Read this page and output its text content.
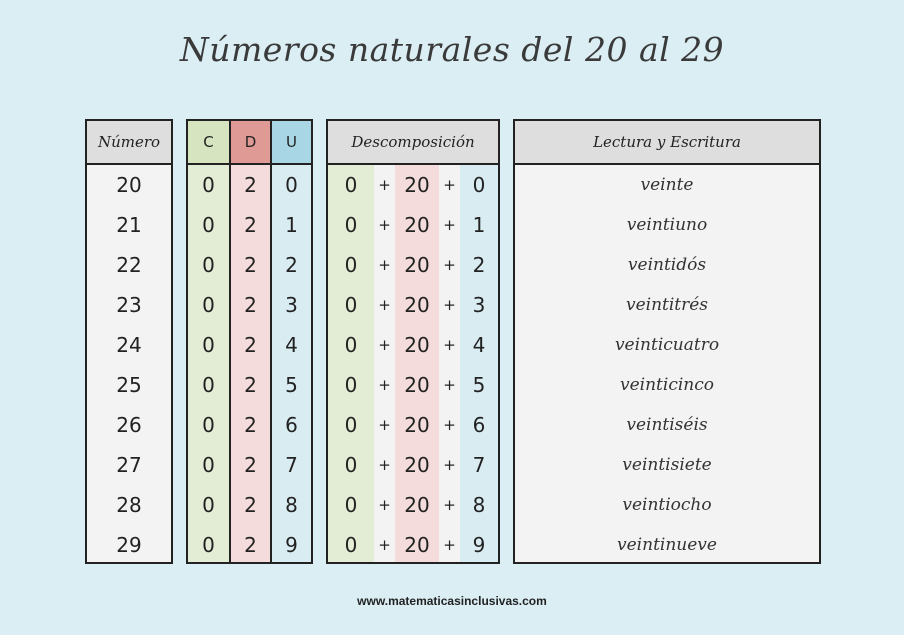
Números naturales del 20 al 29
Número
20
21
22
23
24
25
26
27
28
29
C	D	U
0
0
0
0
0
0
0
0
0
0
2
2
2
2
2
2
2
2
2
2
0
1
2
3
4
5
6
7
8
9
Descomposición
0
0
0
0
0
0
0
0
0
0
+
+
+
+
+
+
+
+
+
+
20
20
20
20
20
20
20
20
20
20
+
+
+
+
+
+
+
+
+
+
0
1
2
3
4
5
6
7
8
9
Lectura y Escritura
veinte
veintiuno
veintidós
veintitrés
veinticuatro
veinticinco
veintiséis
veintisiete
veintiocho
veintinueve
www.matematicasinclusivas.com
